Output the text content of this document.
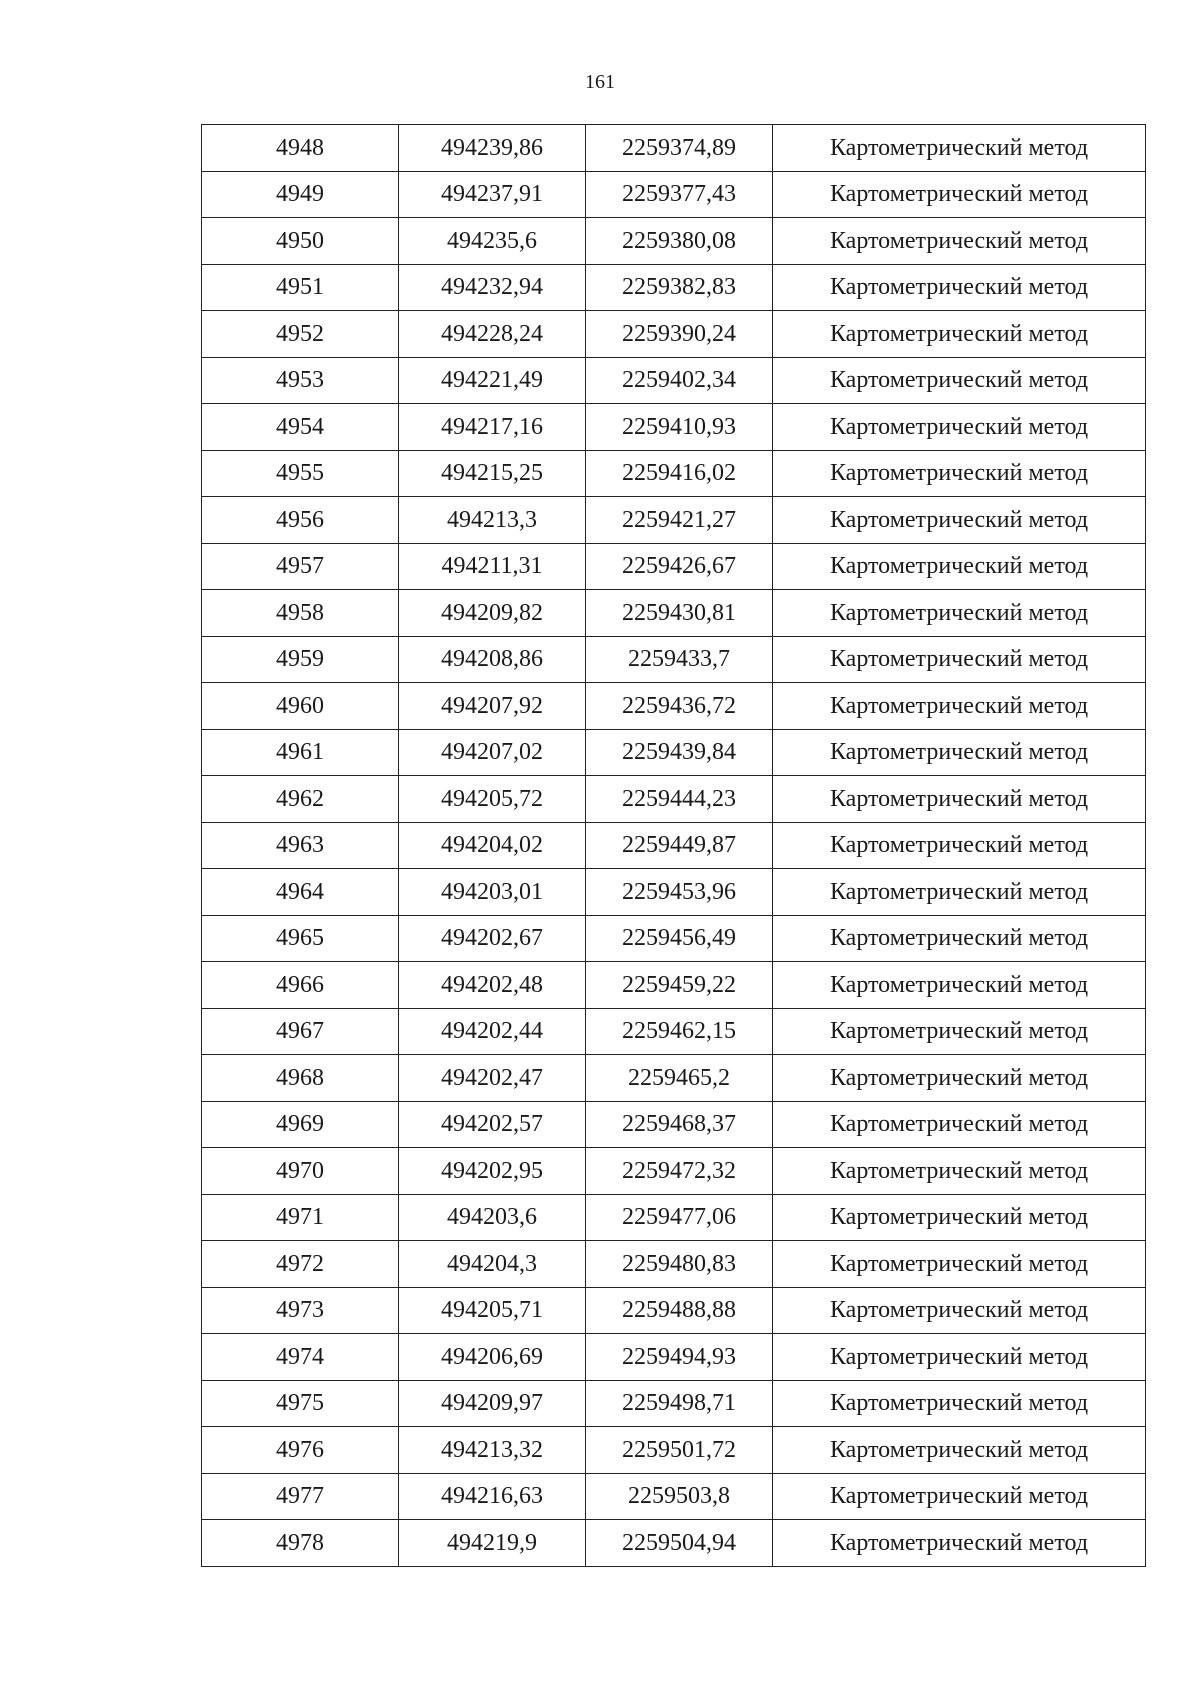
161
4948	494239,86	2259374,89	Картометрический метод
4949	494237,91	2259377,43	Картометрический метод
4950	494235,6	2259380,08	Картометрический метод
4951	494232,94	2259382,83	Картометрический метод
4952	494228,24	2259390,24	Картометрический метод
4953	494221,49	2259402,34	Картометрический метод
4954	494217,16	2259410,93	Картометрический метод
4955	494215,25	2259416,02	Картометрический метод
4956	494213,3	2259421,27	Картометрический метод
4957	494211,31	2259426,67	Картометрический метод
4958	494209,82	2259430,81	Картометрический метод
4959	494208,86	2259433,7	Картометрический метод
4960	494207,92	2259436,72	Картометрический метод
4961	494207,02	2259439,84	Картометрический метод
4962	494205,72	2259444,23	Картометрический метод
4963	494204,02	2259449,87	Картометрический метод
4964	494203,01	2259453,96	Картометрический метод
4965	494202,67	2259456,49	Картометрический метод
4966	494202,48	2259459,22	Картометрический метод
4967	494202,44	2259462,15	Картометрический метод
4968	494202,47	2259465,2	Картометрический метод
4969	494202,57	2259468,37	Картометрический метод
4970	494202,95	2259472,32	Картометрический метод
4971	494203,6	2259477,06	Картометрический метод
4972	494204,3	2259480,83	Картометрический метод
4973	494205,71	2259488,88	Картометрический метод
4974	494206,69	2259494,93	Картометрический метод
4975	494209,97	2259498,71	Картометрический метод
4976	494213,32	2259501,72	Картометрический метод
4977	494216,63	2259503,8	Картометрический метод
4978	494219,9	2259504,94	Картометрический метод
